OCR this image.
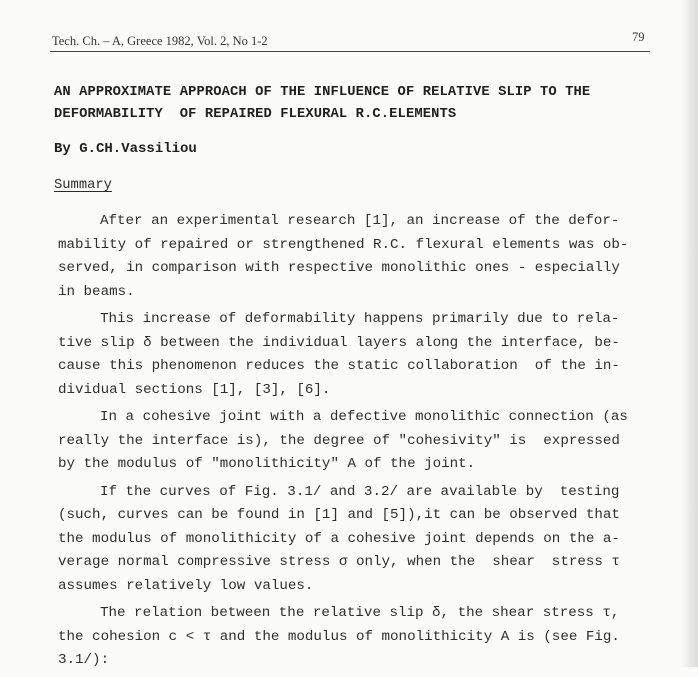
Tech. Ch. – A, Greece 1982, Vol. 2, No 1-2	79
AN APPROXIMATE APPROACH OF THE INFLUENCE OF RELATIVE SLIP TO THE
DEFORMABILITY  OF REPAIRED FLEXURAL R.C.ELEMENTS
By G.CH.Vassiliou
Summary
After an experimental research [1], an increase of the defor-
mability of repaired or strengthened R.C. flexural elements was ob-
served, in comparison with respective monolithic ones - especially
in beams.
This increase of deformability happens primarily due to rela-
tive slip δ between the individual layers along the interface, be-
cause this phenomenon reduces the static collaboration  of the in-
dividual sections [1], [3], [6].
In a cohesive joint with a defective monolithic connection (as
really the interface is), the degree of "cohesivity" is  expressed
by the modulus of "monolithicity" A of the joint.
If the curves of Fig. 3.1/ and 3.2/ are available by  testing
(such, curves can be found in [1] and [5]),it can be observed that
the modulus of monolithicity of a cohesive joint depends on the a-
verage normal compressive stress σ only, when the  shear  stress τ
assumes relatively low values.
The relation between the relative slip δ, the shear stress τ,
the cohesion c < τ and the modulus of monolithicity A is (see Fig.
3.1/):
